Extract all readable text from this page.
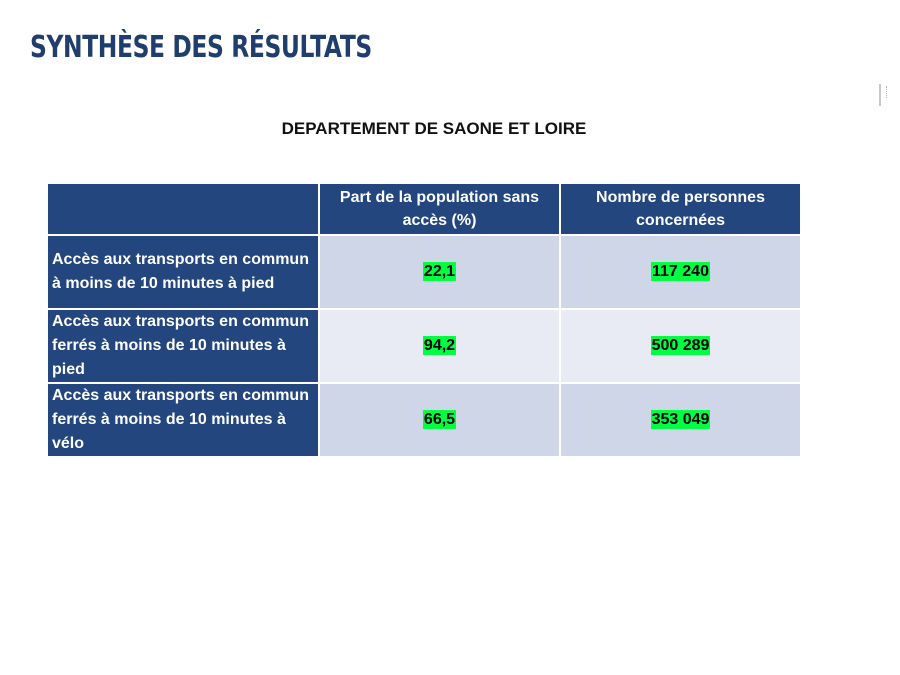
SYNTHÈSE DES RÉSULTATS
DEPARTEMENT DE SAONE ET LOIRE
	Part de la population sans accès (%)	Nombre de personnes concernées
Accès aux transports en commun à moins de 10 minutes à pied	22,1	117 240
Accès aux transports en commun ferrés à moins de 10 minutes à pied	94,2	500 289
Accès aux transports en commun ferrés à moins de 10 minutes à vélo	66,5	353 049
